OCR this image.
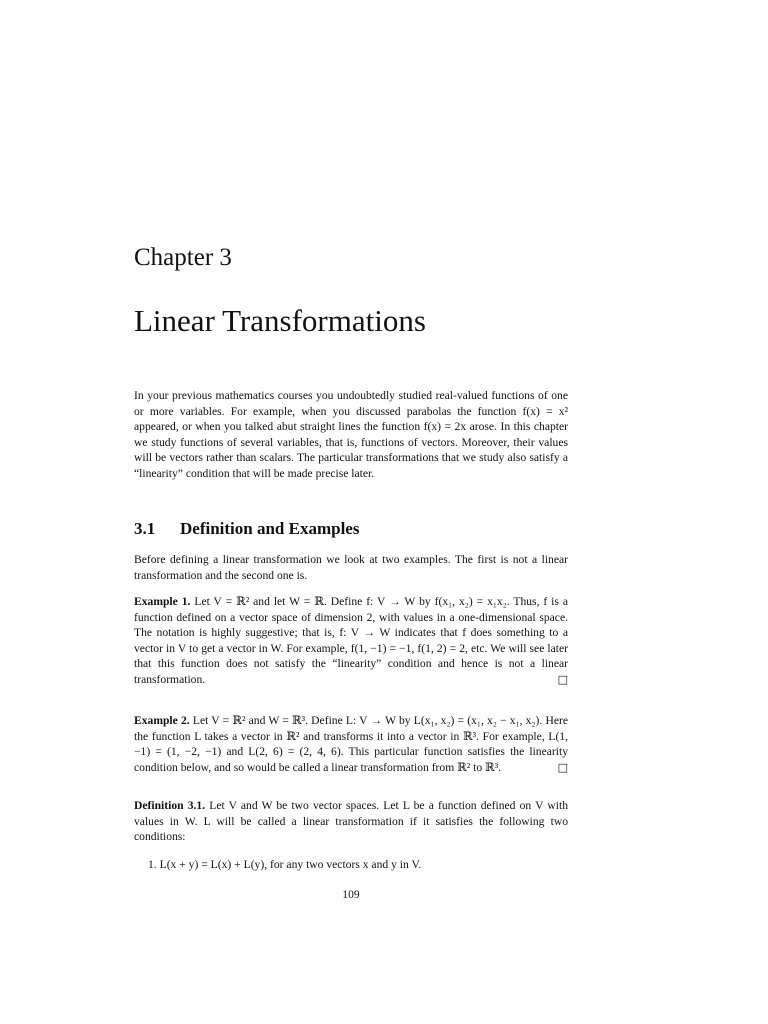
Chapter 3
Linear Transformations

In your previous mathematics courses you undoubtedly studied real-valued functions of one or more variables. For example, when you discussed parabolas the function f(x) = x² appeared, or when you talked abut straight lines the function f(x) = 2x arose. In this chapter we study functions of several variables, that is, functions of vectors. Moreover, their values will be vectors rather than scalars. The particular transformations that we study also satisfy a “linearity” condition that will be made precise later.

3.1 Definition and Examples

Before defining a linear transformation we look at two examples. The first is not a linear transformation and the second one is.

Example 1. Let V = ℝ² and let W = ℝ. Define f: V → W by f(x₁, x₂) = x₁x₂. Thus, f is a function defined on a vector space of dimension 2, with values in a one-dimensional space. The notation is highly suggestive; that is, f: V → W indicates that f does something to a vector in V to get a vector in W. For example, f(1, −1) = −1, f(1, 2) = 2, etc. We will see later that this function does not satisfy the “linearity” condition and hence is not a linear transformation.	□

Example 2. Let V = ℝ² and W = ℝ³. Define L: V → W by L(x₁, x₂) = (x₁, x₂ − x₁, x₂). Here the function L takes a vector in ℝ² and transforms it into a vector in ℝ³. For example, L(1, −1) = (1, −2, −1) and L(2, 6) = (2, 4, 6). This particular function satisfies the linearity condition below, and so would be called a linear transformation from ℝ² to ℝ³.	□

Definition 3.1. Let V and W be two vector spaces. Let L be a function defined on V with values in W. L will be called a linear transformation if it satisfies the following two conditions:

1. L(x + y) = L(x) + L(y), for any two vectors x and y in V.

109
